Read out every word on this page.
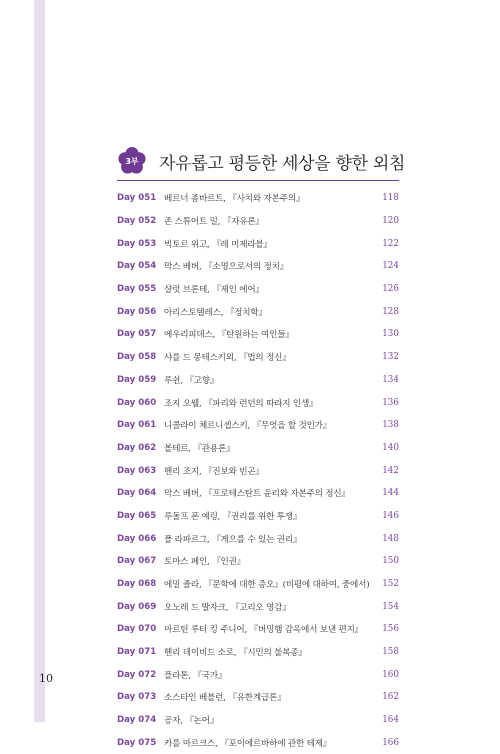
3부	자유롭고 평등한 세상을 향한 외침
Day 051 베르너 좀바르트, 『사치와 자본주의』	118
Day 052 존 스튜어트 밀, 『자유론』	120
Day 053 빅토르 위고, 『레 미제라블』	122
Day 054 막스 베버, 『소명으로서의 정치』	124
Day 055 샬럿 브론테, 『제인 에어』	126
Day 056 아리스토텔레스, 『정치학』	128
Day 057 에우리피데스, 『탄원하는 여인들』	130
Day 058 샤를 드 몽테스키외, 『법의 정신』	132
Day 059 루쉰, 『고향』	134
Day 060 조지 오웰, 『파리와 런던의 따라지 인생』	136
Day 061 니콜라이 체르니셉스키, 『무엇을 할 것인가』	138
Day 062 볼테르, 『관용론』	140
Day 063 헨리 조지, 『진보와 빈곤』	142
Day 064 막스 베버, 『프로테스탄트 윤리와 자본주의 정신』	144
Day 065 루돌프 폰 예링, 『권리를 위한 투쟁』	146
Day 066 폴 라파르그, 『게으를 수 있는 권리』	148
Day 067 토마스 페인, 『인권』	150
Day 068 에밀 졸라, 『문학에 대한 증오』(비평에 대하여, 중에서)	152
Day 069 오노레 드 발자크, 『고리오 영감』	154
Day 070 마르틴 루터 킹 주니어, 『버밍햄 감옥에서 보낸 편지』	156
Day 071 헨리 데이비드 소로, 『시민의 불복종』	158
Day 072 플라톤, 『국가』	160
Day 073 소스타인 베블런, 『유한계급론』	162
Day 074 공자, 『논어』	164
Day 075 카를 마르크스, 『포이에르바하에 관한 테제』	166
10
